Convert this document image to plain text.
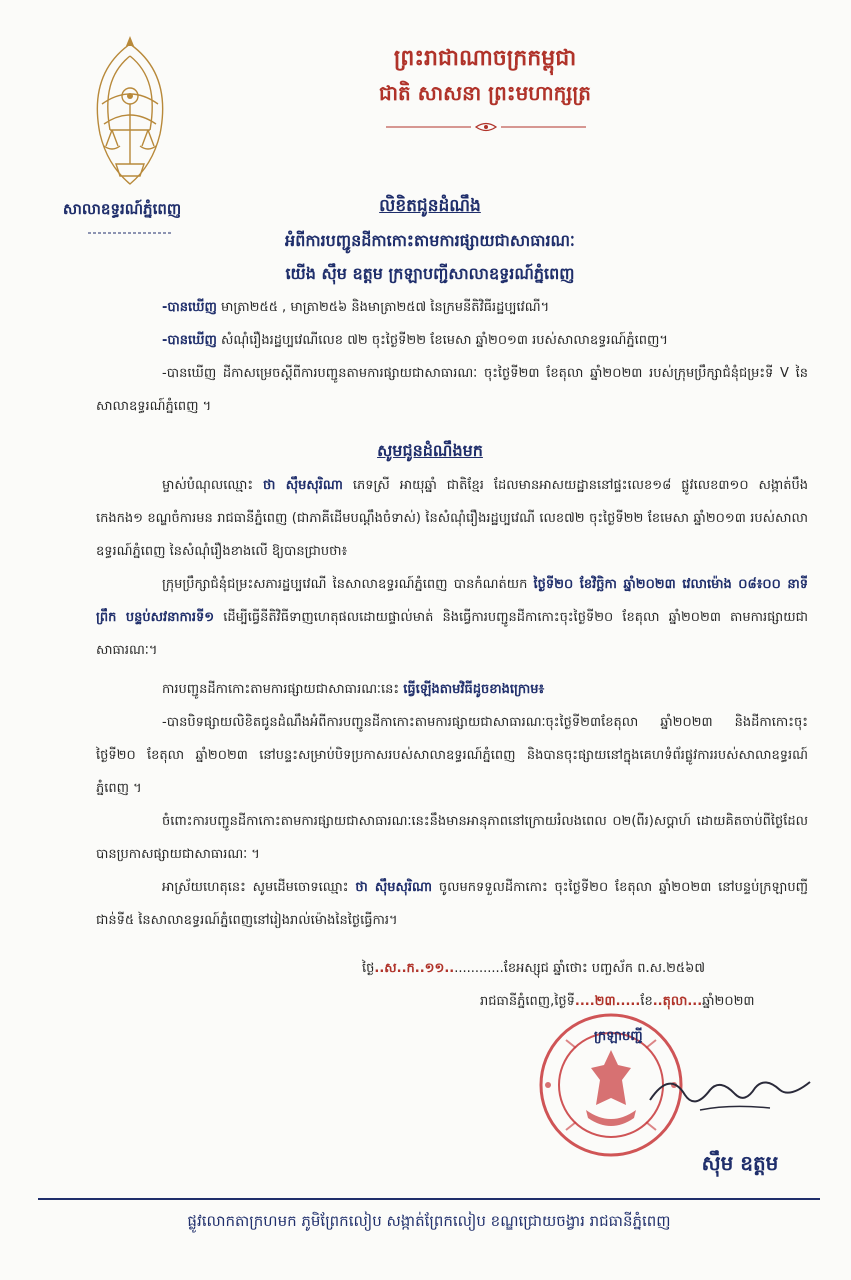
សាលាឧទ្ធរណ៍ភ្នំពេញ
ព្រះរាជាណាចក្រកម្ពុជា
ជាតិ សាសនា ព្រះមហាក្សត្រ
លិខិតជូនដំណឹង
អំពីការបញ្ជូនដីកាកោះតាមការផ្សាយជាសាធារណៈ
យើង ស៊ឹម ឧត្តម ក្រឡាបញ្ជីសាលាឧទ្ធរណ៍ភ្នំពេញ
-បានឃើញ មាត្រា២៥៥ , មាត្រា២៥៦ និងមាត្រា២៥៧ នៃក្រមនីតិវិធីរដ្ឋប្បវេណី។
-បានឃើញ សំណុំរឿងរដ្ឋប្បវេណីលេខ ៧២ ចុះថ្ងៃទី២២ ខែមេសា ឆ្នាំ២០១៣ របស់សាលាឧទ្ធរណ៍ភ្នំពេញ។
-បានឃើញ ដីកាសម្រេចស្តីពីការបញ្ជូនតាមការផ្សាយជាសាធារណៈ ចុះថ្ងៃទី២៣ ខែតុលា ឆ្នាំ២០២៣ របស់ក្រុមប្រឹក្សាជំនុំជម្រះទី V នៃសាលាឧទ្ធរណ៍ភ្នំពេញ ។
សូមជូនដំណឹងមក
ម្ចាស់បំណុលឈ្មោះ ថា ស៊ឹមសុរិណា ភេទស្រី អាយុឆ្នាំ ជាតិខ្មែរ ដែលមានអាសយដ្ឋាននៅផ្ទះលេខ១៨ ផ្លូវលេខ៣១០ សង្កាត់បឹងកេងកង១ ខណ្ឌចំការមន រាជធានីភ្នំពេញ (ជាភាគីដើមបណ្តឹងចំទាស់) នៃសំណុំរឿងរដ្ឋប្បវេណី លេខ៧២ ចុះថ្ងៃទី២២ ខែមេសា ឆ្នាំ២០១៣ របស់សាលាឧទ្ធរណ៍ភ្នំពេញ នៃសំណុំរឿងខាងលើ ឱ្យបានជ្រាបថា៖
ក្រុមប្រឹក្សាជំនុំជម្រះសភារដ្ឋប្បវេណី នៃសាលាឧទ្ធរណ៍ភ្នំពេញ បានកំណត់យក ថ្ងៃទី២០ ខែវិច្ឆិកា ឆ្នាំ២០២៣ វេលាម៉ោង ០៨៖០០ នាទីព្រឹក បន្ទប់សវនាការទី១ ដើម្បីធ្វើនីតិវិធីទាញហេតុផលដោយផ្ទាល់មាត់ និងធ្វើការបញ្ជូនដីកាកោះចុះថ្ងៃទី២០ ខែតុលា ឆ្នាំ២០២៣ តាមការផ្សាយជាសាធារណៈ។
ការបញ្ជូនដីកាកោះតាមការផ្សាយជាសាធារណៈនេះ ធ្វើឡើងតាមវិធីដូចខាងក្រោម៖
-បានបិទផ្សាយលិខិតជូនដំណឹងអំពីការបញ្ជូនដីកាកោះតាមការផ្សាយជាសាធារណៈចុះថ្ងៃទី២៣ខែតុលា ឆ្នាំ២០២៣ និងដីកាកោះចុះថ្ងៃទី២០ ខែតុលា ឆ្នាំ២០២៣ នៅបន្ទះសម្រាប់បិទប្រកាសរបស់សាលាឧទ្ធរណ៍ភ្នំពេញ និងបានចុះផ្សាយនៅក្នុងគេហទំព័រផ្លូវការរបស់សាលាឧទ្ធរណ៍ភ្នំពេញ ។
ចំពោះការបញ្ជូនដីកាកោះតាមការផ្សាយជាសាធារណៈនេះនឹងមានអានុភាពនៅក្រោយរំលងពេល ០២(ពីរ)សប្តាហ៍ ដោយគិតចាប់ពីថ្ងៃដែលបានប្រកាសផ្សាយជាសាធារណៈ ។
អាស្រ័យហេតុនេះ សូមដើមចោទឈ្មោះ ថា ស៊ឹមសុរិណា ចូលមកទទួលដីកាកោះ ចុះថ្ងៃទី២០ ខែតុលា ឆ្នាំ២០២៣ នៅបន្ទប់ក្រឡាបញ្ជីជាន់ទី៥ នៃសាលាឧទ្ធរណ៍ភ្នំពេញនៅរៀងរាល់ម៉ោងនៃថ្ងៃធ្វើការ។
ថ្ងៃ..ស..ក..១១..............ខែអស្សុជ ឆ្នាំថោះ បញ្ចស័ក ព.ស.២៥៦៧
រាជធានីភ្នំពេញ,ថ្ងៃទី....២៣.....ខែ..តុលា...ឆ្នាំ២០២៣
ក្រឡាបញ្ជី
ស៊ឹម ឧត្តម
ផ្លូវលោកតាក្រហមក ភូមិព្រែកលៀប សង្កាត់ព្រែកលៀប ខណ្ឌជ្រោយចង្វារ រាជធានីភ្នំពេញ
